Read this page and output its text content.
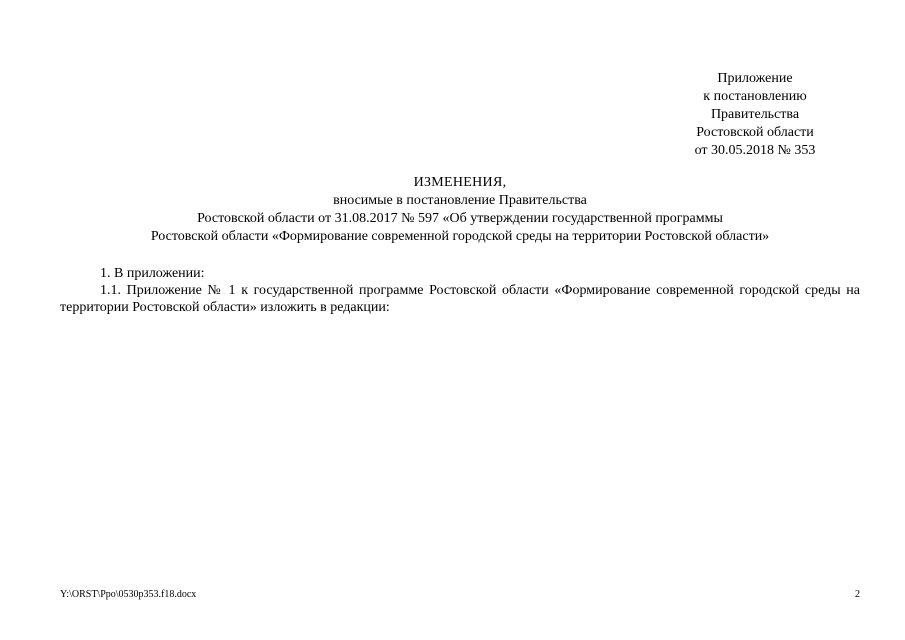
Приложение
к постановлению
Правительства
Ростовской области
от 30.05.2018 № 353
ИЗМЕНЕНИЯ,
вносимые в постановление Правительства
Ростовской области от 31.08.2017 № 597 «Об утверждении государственной программы
Ростовской области «Формирование современной городской среды на территории Ростовской области»

1. В приложении:

1.1. Приложение № 1 к государственной программе Ростовской области «Формирование современной городской среды на территории Ростовской области» изложить в редакции:

Y:\ORST\Ppo\0530p353.f18.docx	2
